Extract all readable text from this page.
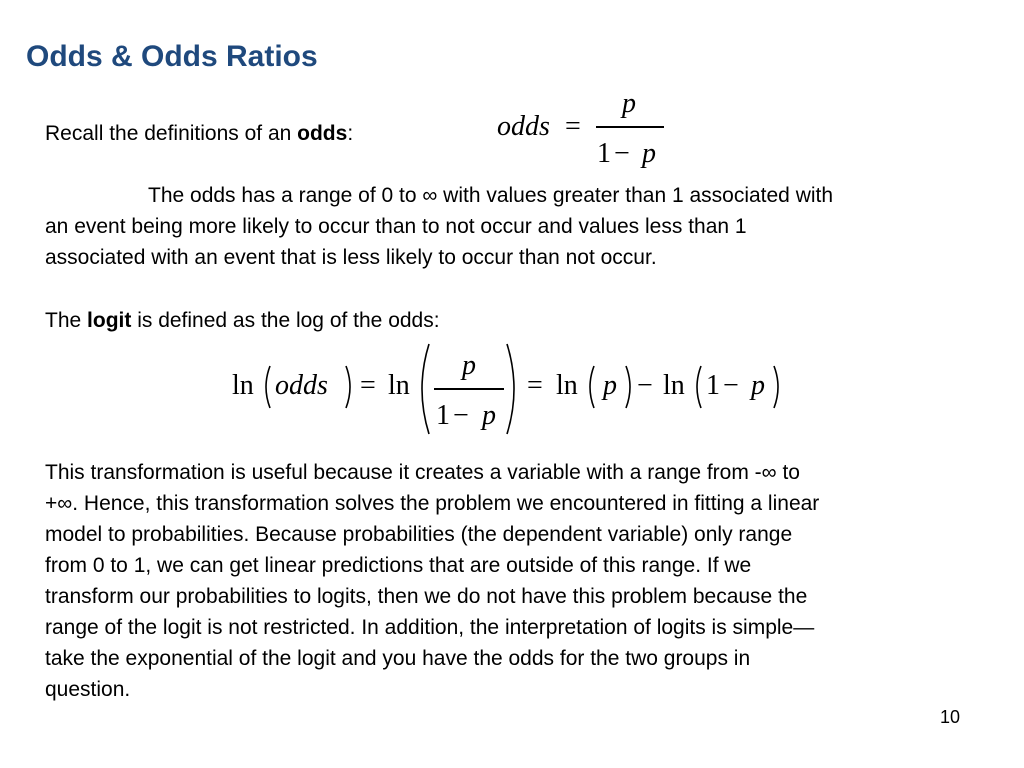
Odds & Odds Ratios
Recall the definitions of an odds:	odds =
p
1 − p
The odds has a range of 0 to ∞ with values greater than 1 associated with
an event being more likely to occur than to not occur and values less than 1
associated with an event that is less likely to occur than not occur.
The logit is defined as the log of the odds:
ln odds = ln
p
1 − p
= ln p − ln 1 − p
This transformation is useful because it creates a variable with a range from -∞ to
+∞. Hence, this transformation solves the problem we encountered in fitting a linear
model to probabilities. Because probabilities (the dependent variable) only range
from 0 to 1, we can get linear predictions that are outside of this range. If we
transform our probabilities to logits, then we do not have this problem because the
range of the logit is not restricted. In addition, the interpretation of logits is simple—
take the exponential of the logit and you have the odds for the two groups in
question.
10
